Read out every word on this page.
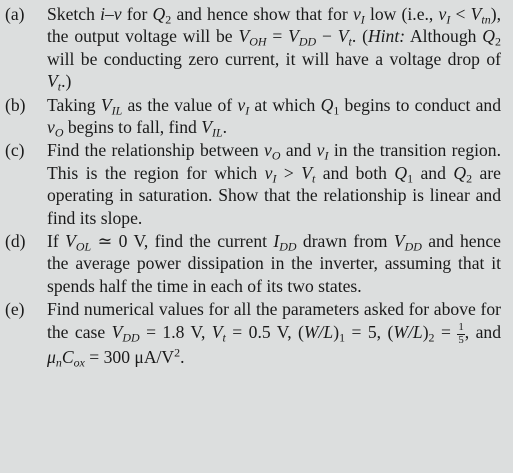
(a)	Sketch i–v for $Q_2$ and hence show that for $v_I$ low (i.e., $v_I < V_{tn}$), the output voltage will be $V_{OH} = V_{DD} - V_t$. (Hint: Although $Q_2$ will be conducting zero current, it will have a voltage drop of $V_t$.)
(b)	Taking $V_{IL}$ as the value of $v_I$ at which $Q_1$ begins to conduct and $v_O$ begins to fall, find $V_{IL}$.
(c)	Find the relationship between $v_O$ and $v_I$ in the transition region. This is the region for which $v_I > V_t$ and both $Q_1$ and $Q_2$ are operating in saturation. Show that the relationship is linear and find its slope.
(d)	If $V_{OL}$ ≃ 0 V, find the current $I_{DD}$ drawn from $V_{DD}$ and hence the average power dissipation in the inverter, assuming that it spends half the time in each of its two states.
(e)	Find numerical values for all the parameters asked for above for the case $V_{DD} = 1.8$ V, $V_t = 0.5$ V, $(W/L)_1 = 5$, $(W/L)_2 = \frac{1}{5}$ , and $\mu_nC_{ox} = 300$ $\mu A/V^2$.
